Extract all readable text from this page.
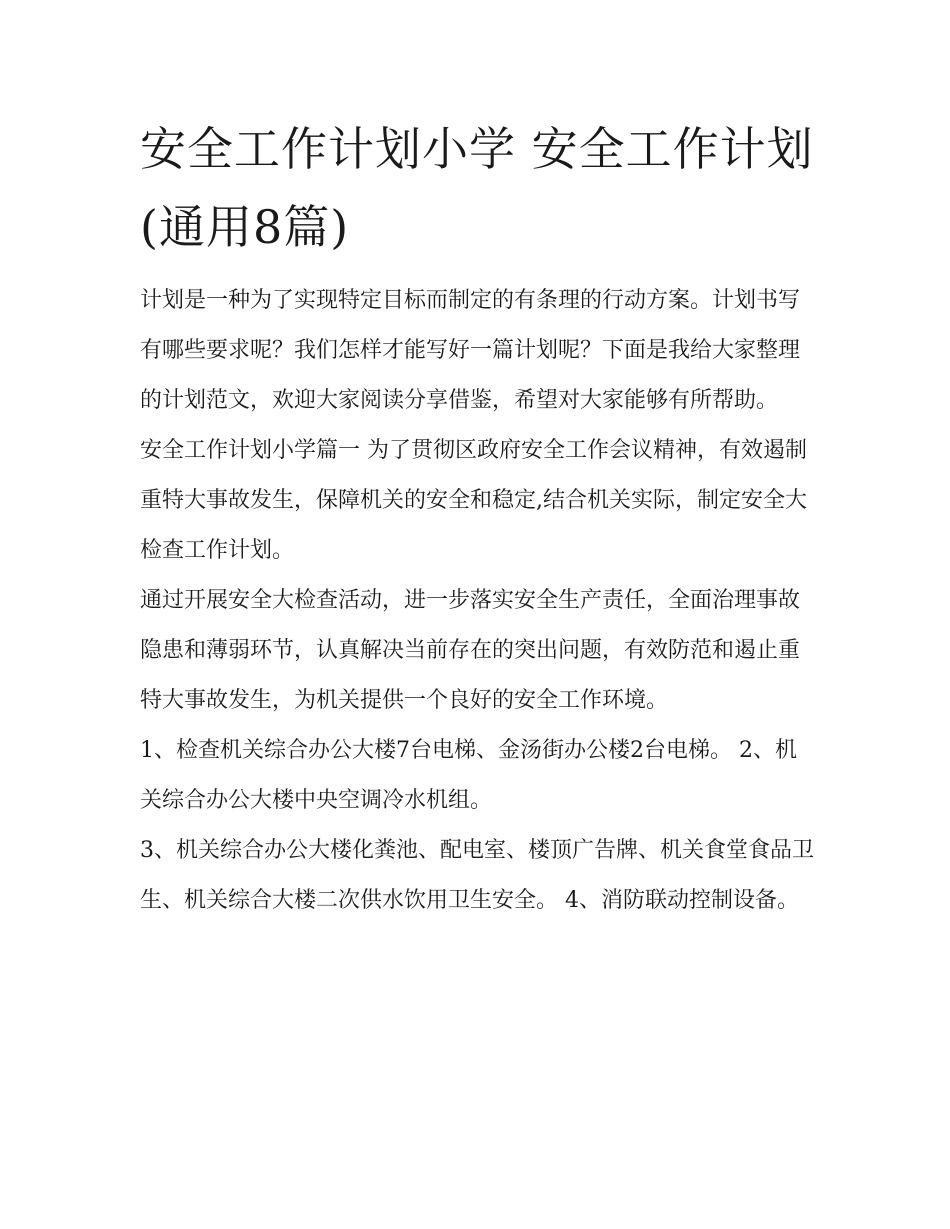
安全工作计划小学 安全工作计划(通用8篇)

计划是一种为了实现特定目标而制定的有条理的行动方案。计划书写有哪些要求呢？我们怎样才能写好一篇计划呢？下面是我给大家整理的计划范文，欢迎大家阅读分享借鉴，希望对大家能够有所帮助。

安全工作计划小学篇一 为了贯彻区政府安全工作会议精神，有效遏制重特大事故发生，保障机关的安全和稳定,结合机关实际，制定安全大检查工作计划。

通过开展安全大检查活动，进一步落实安全生产责任，全面治理事故隐患和薄弱环节，认真解决当前存在的突出问题，有效防范和遏止重特大事故发生，为机关提供一个良好的安全工作环境。

1、检查机关综合办公大楼7台电梯、金汤街办公楼2台电梯。 2、机关综合办公大楼中央空调冷水机组。

3、机关综合办公大楼化粪池、配电室、楼顶广告牌、机关食堂食品卫生、机关综合大楼二次供水饮用卫生安全。 4、消防联动控制设备。
